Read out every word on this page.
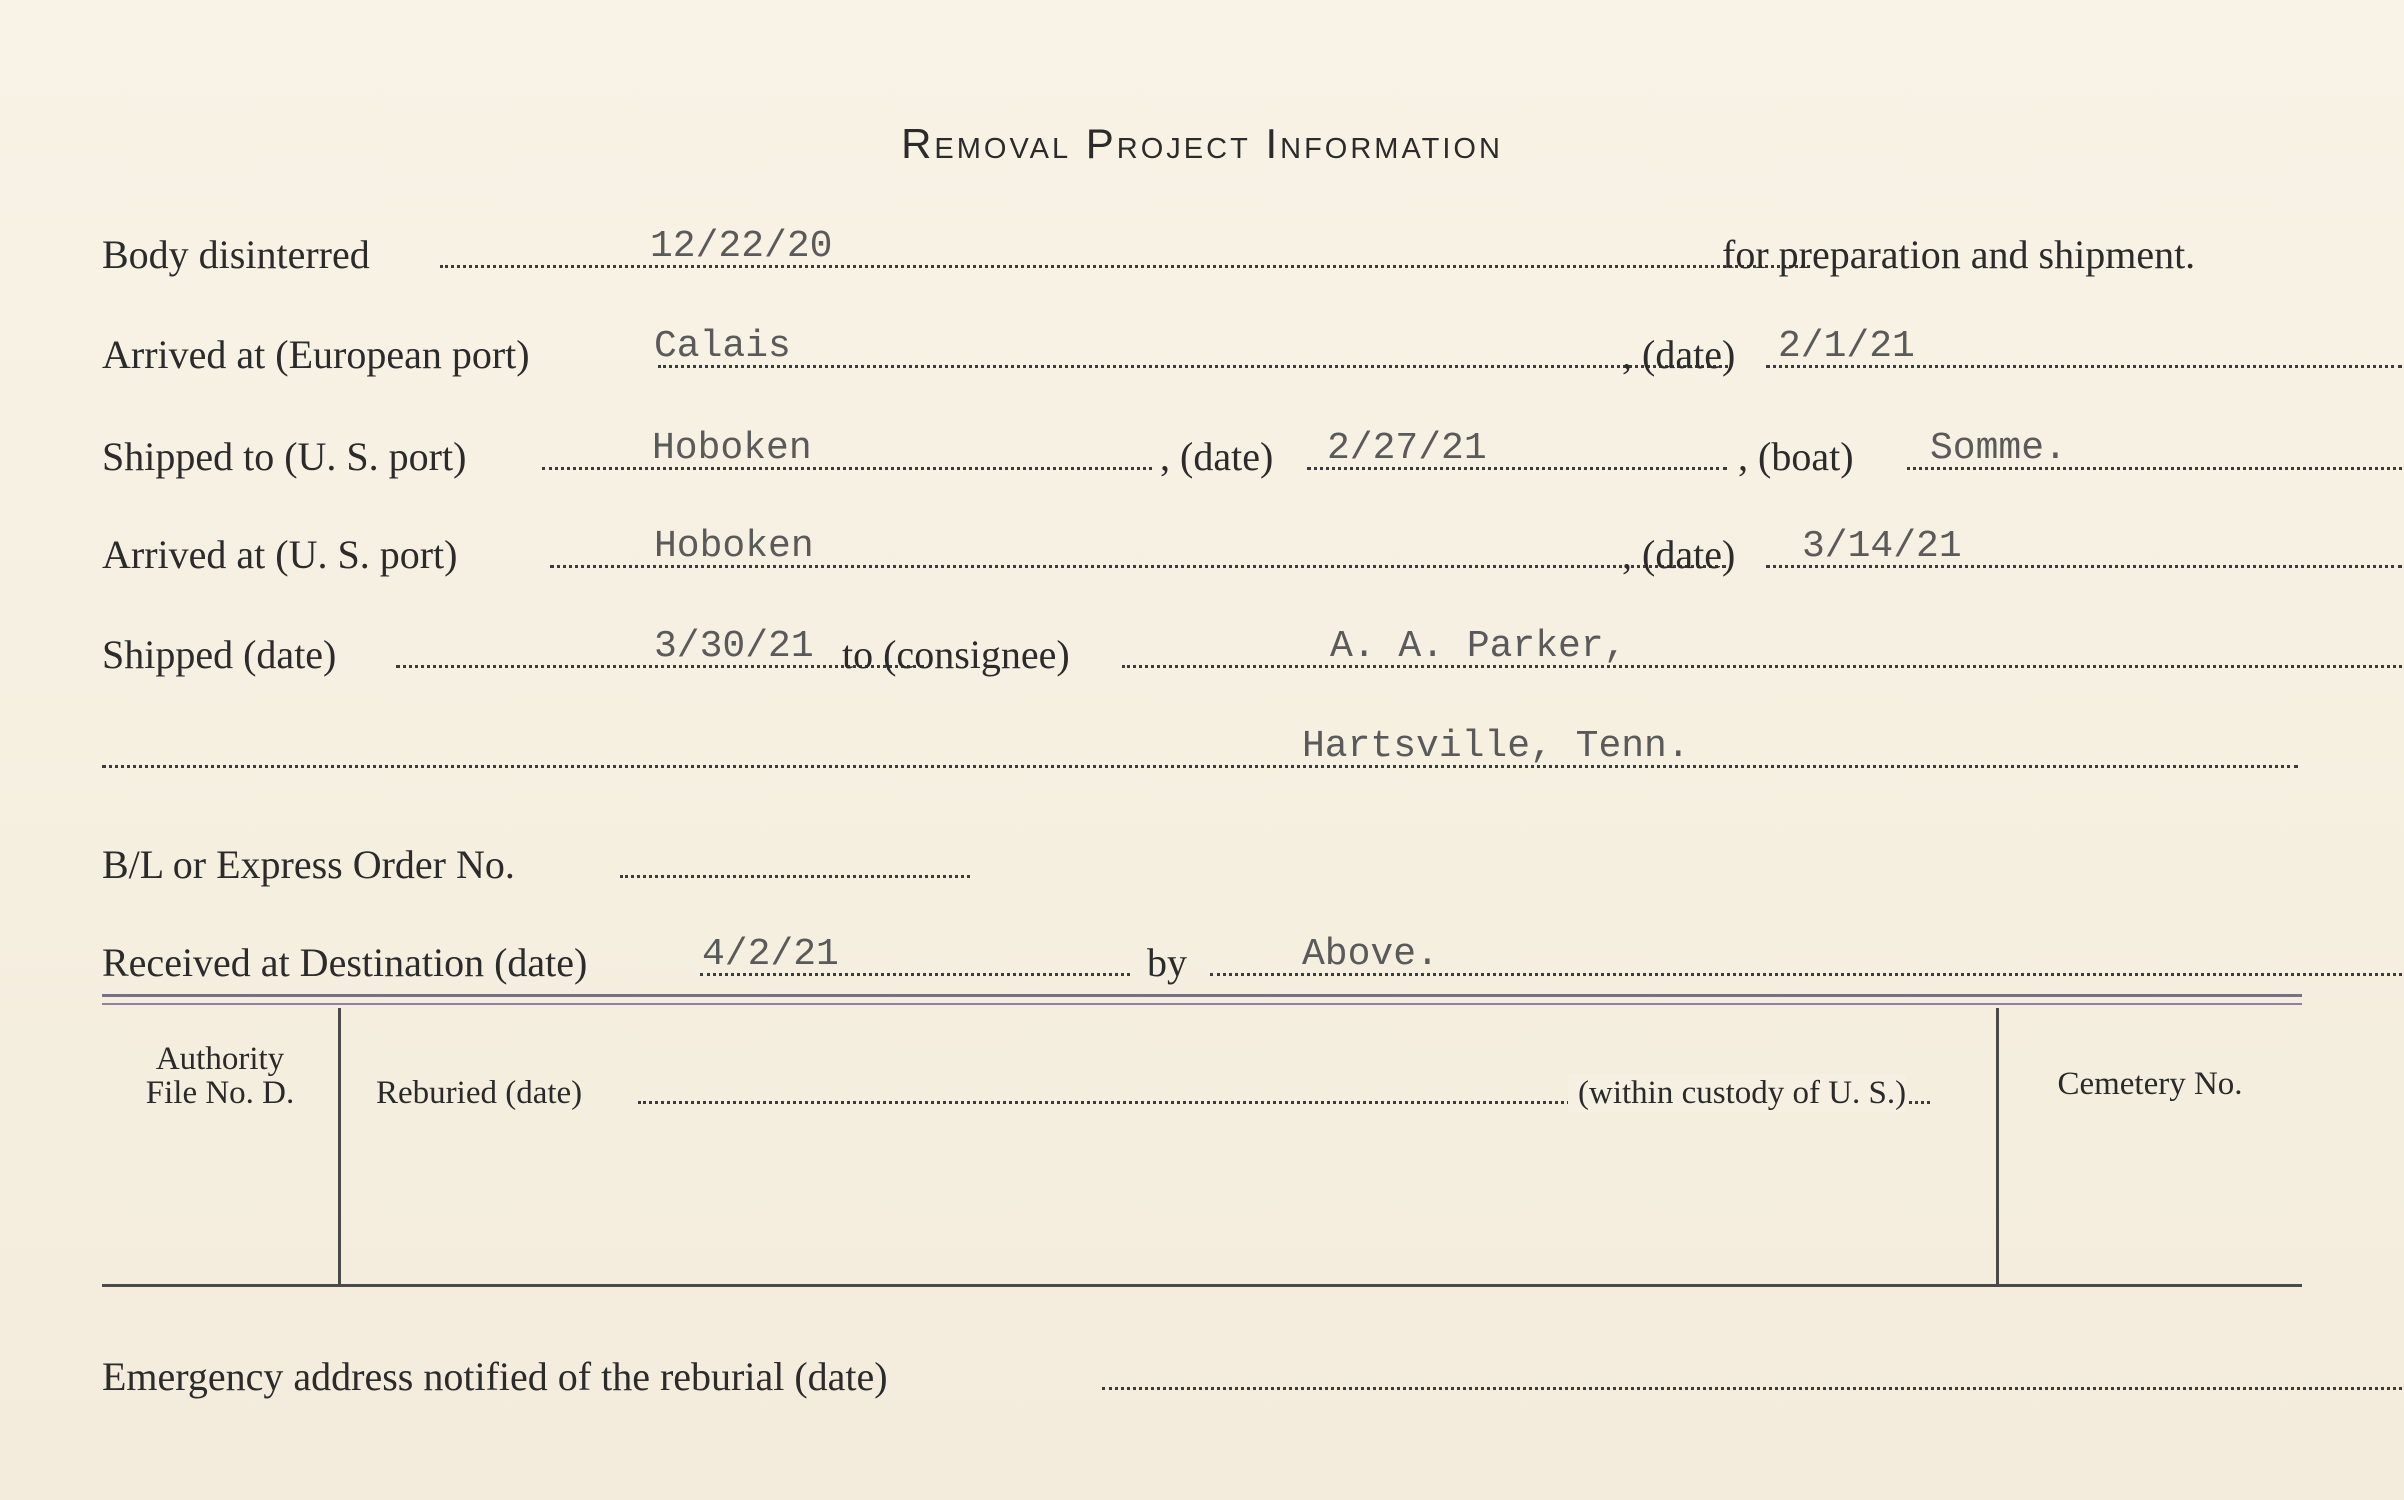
Removal Project Information
Body disinterred	12/22/20	for preparation and shipment.
Arrived at (European port)	Calais	, (date) 2/1/21
Shipped to (U. S. port)	Hoboken	, (date) 2/27/21	, (boat) Somme.
Arrived at (U. S. port)	Hoboken	, (date) 3/14/21
Shipped (date)	3/30/21 to (consignee)	A. A. Parker,
Hartsville, Tenn.
B/L or Express Order No.
Received at Destination (date)	4/2/21	by	Above.
Authority
File No. D.	Reburied (date)	(within custody of U. S.)	Cemetery No.
Emergency address notified of the reburial (date)
